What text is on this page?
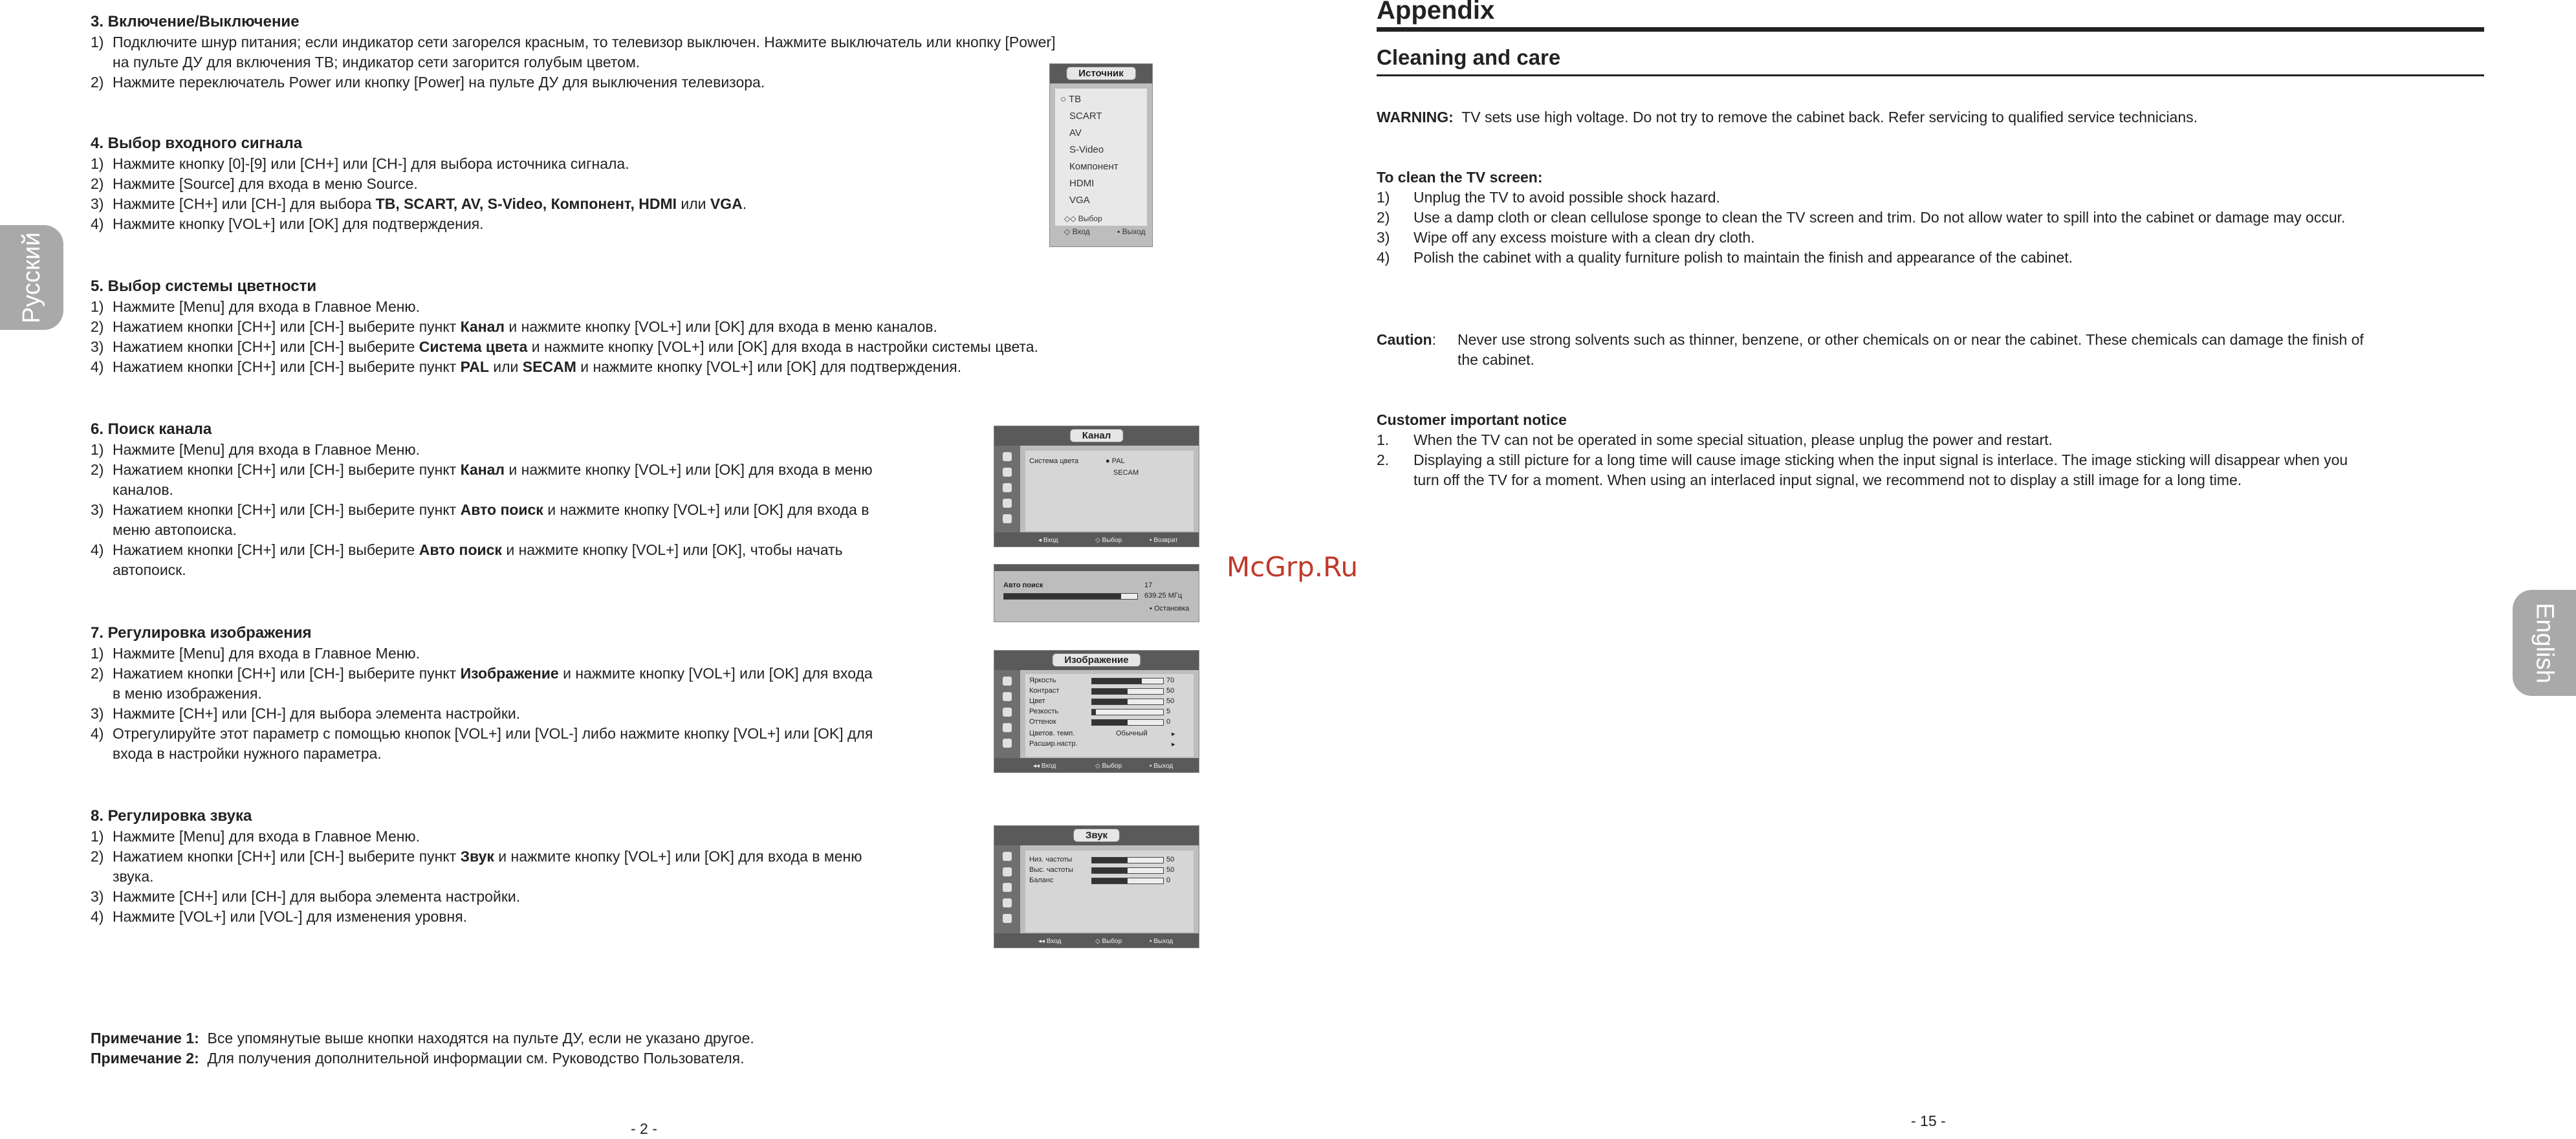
Русский
3. Включение/Выключение
1) Подключите шнур питания; если индикатор сети загорелся красным, то телевизор выключен. Нажмите выключатель или кнопку [Power]
на пульте ДУ для включения ТВ; индикатор сети загорится голубым цветом.
2) Нажмите переключатель Power или кнопку [Power] на пульте ДУ для выключения телевизора.
4. Выбор входного сигнала
1) Нажмите кнопку [0]-[9] или [CH+] или [CH-] для выбора источника сигнала.
2) Нажмите [Source] для входа в меню Source.
3) Нажмите [CH+] или [CH-] для выбора TB, SCART, AV, S-Video, Компонент, HDMI или VGA.
4) Нажмите кнопку [VOL+] или [OK] для подтверждения.
5. Выбор системы цветности
1) Нажмите [Menu] для входа в Главное Меню.
2) Нажатием кнопки [CH+] или [CH-] выберите пункт Канал и нажмите кнопку [VOL+] или [OK] для входа в меню каналов.
3) Нажатием кнопки [CH+] или [CH-] выберите Система цвета и нажмите кнопку [VOL+] или [OK] для входа в настройки системы цвета.
4) Нажатием кнопки [CH+] или [CH-] выберите пункт PAL или SECAM и нажмите кнопку [VOL+] или [OK] для подтверждения.
6. Поиск канала
1) Нажмите [Menu] для входа в Главное Меню.
2) Нажатием кнопки [CH+] или [CH-] выберите пункт Канал и нажмите кнопку [VOL+] или [OK] для входа в меню
каналов.
3) Нажатием кнопки [CH+] или [CH-] выберите пункт Авто поиск и нажмите кнопку [VOL+] или [OK] для входа в
меню автопоиска.
4) Нажатием кнопки [CH+] или [CH-] выберите Авто поиск и нажмите кнопку [VOL+] или [OK], чтобы начать
автопоиск.
7. Регулировка изображения
1) Нажмите [Menu] для входа в Главное Меню.
2) Нажатием кнопки [CH+] или [CH-] выберите пункт Изображение и нажмите кнопку [VOL+] или [OK] для входа
в меню изображения.
3) Нажмите [CH+] или [CH-] для выбора элемента настройки.
4) Отрегулируйте этот параметр с помощью кнопок [VOL+] или [VOL-] либо нажмите кнопку [VOL+] или [OK] для
входа в настройки нужного параметра.
8. Регулировка звука
1) Нажмите [Menu] для входа в Главное Меню.
2) Нажатием кнопки [CH+] или [CH-] выберите пункт Звук и нажмите кнопку [VOL+] или [OK] для входа в меню
звука.
3) Нажмите [CH+] или [CH-] для выбора элемента настройки.
4) Нажмите [VOL+] или [VOL-] для изменения уровня.
Примечание 1: Все упомянутые выше кнопки находятся на пульте ДУ, если не указано другое.
Примечание 2: Для получения дополнительной информации см. Руководство Пользователя.
- 2 -
Источник
○ TB
SCART
AV
S-Video
Компонент
HDMI
VGA
◇◇ Выбор
◇ Вход	▪ Выход
Канал
Система цвета	● PAL
SECAM
◂ Вход	◇ Выбор	▪ Возврат
Авто поиск	17
639.25 МГц
▪ Остановка
Изображение
Яркость	70
Контраст	50
Цвет	50
Резкость	5
Оттенок	0
Цветов. темп.	Обычный	▸
Расшир.настр.	▸
◂◂ Вход	◇ Выбор	▪ Выход
Звук
Низ. частоты	50
Выс. частоты	50
Баланс	0
◂◂ Вход	◇ Выбор	▪ Выход
McGrp.Ru
Appendix
Cleaning and care
WARNING: TV sets use high voltage. Do not try to remove the cabinet back. Refer servicing to qualified service technicians.
To clean the TV screen:
1) Unplug the TV to avoid possible shock hazard.
2) Use a damp cloth or clean cellulose sponge to clean the TV screen and trim. Do not allow water to spill into the cabinet or damage may occur.
3) Wipe off any excess moisture with a clean dry cloth.
4) Polish the cabinet with a quality furniture polish to maintain the finish and appearance of the cabinet.
Caution: Never use strong solvents such as thinner, benzene, or other chemicals on or near the cabinet. These chemicals can damage the finish of
the cabinet.
Customer important notice
1. When the TV can not be operated in some special situation, please unplug the power and restart.
2. Displaying a still picture for a long time will cause image sticking when the input signal is interlace. The image sticking will disappear when you
turn off the TV for a moment. When using an interlaced input signal, we recommend not to display a still image for a long time.
- 15 -
English
